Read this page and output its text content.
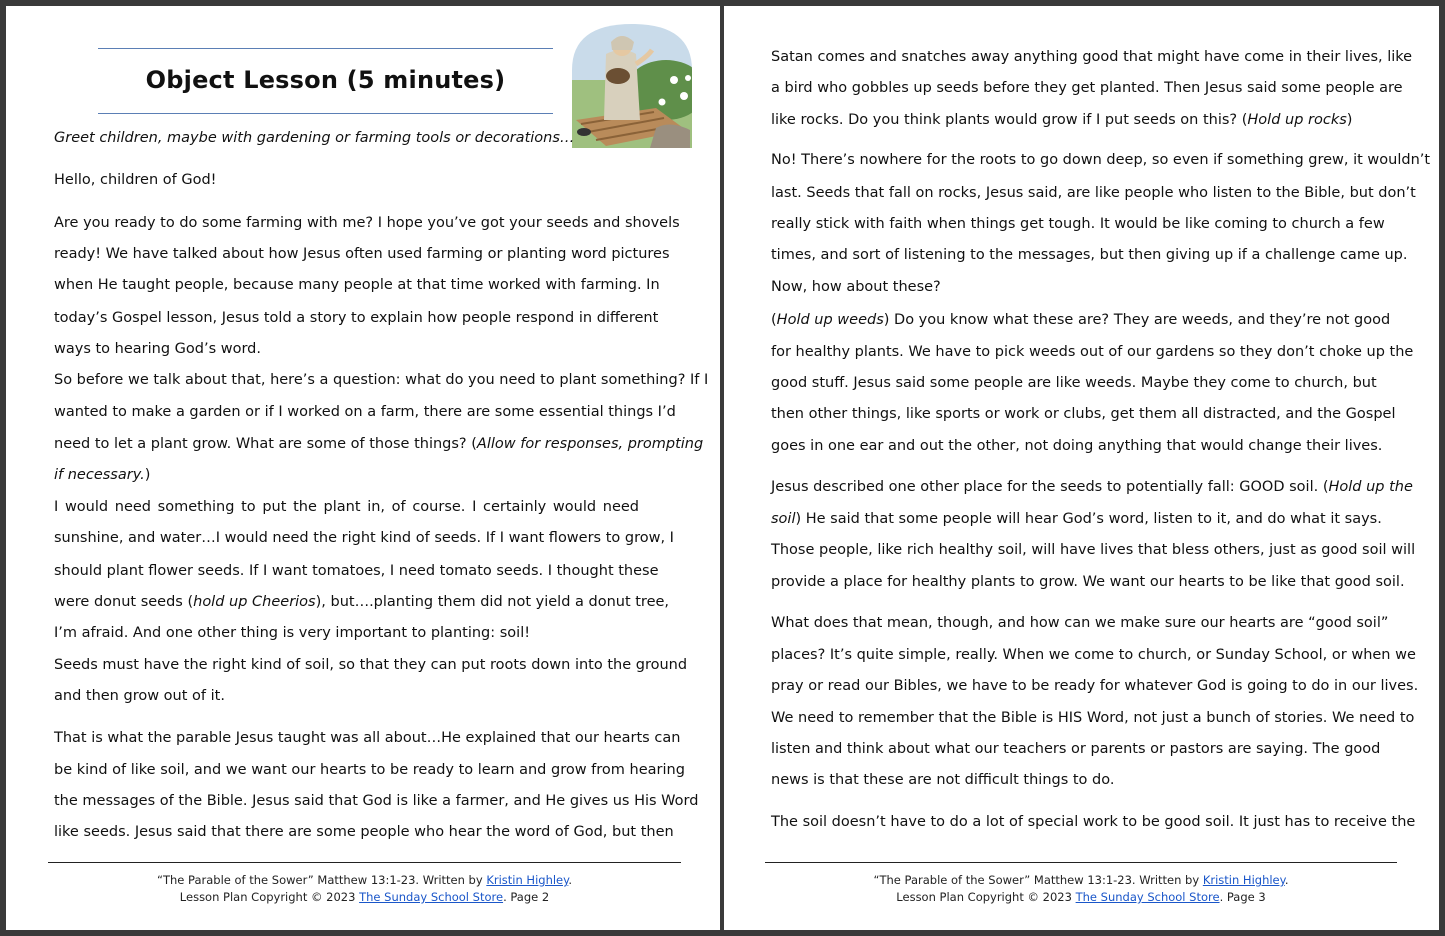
Object Lesson (5 minutes)
Greet children, maybe with gardening or farming tools or decorations…
Hello, children of God!
Are you ready to do some farming with me? I hope you’ve got your seeds and shovels
ready! We have talked about how Jesus often used farming or planting word pictures
when He taught people, because many people at that time worked with farming. In
today’s Gospel lesson, Jesus told a story to explain how people respond in different
ways to hearing God’s word.
So before we talk about that, here’s a question: what do you need to plant something? If I
wanted to make a garden or if I worked on a farm, there are some essential things I’d
need to let a plant grow. What are some of those things? (Allow for responses, prompting
if necessary.)
I would need something to put the plant in, of course. I certainly would need
sunshine, and water…I would need the right kind of seeds. If I want flowers to grow, I
should plant flower seeds. If I want tomatoes, I need tomato seeds. I thought these
were donut seeds (hold up Cheerios), but….planting them did not yield a donut tree,
I’m afraid. And one other thing is very important to planting: soil!
Seeds must have the right kind of soil, so that they can put roots down into the ground
and then grow out of it.
That is what the parable Jesus taught was all about…He explained that our hearts can
be kind of like soil, and we want our hearts to be ready to learn and grow from hearing
the messages of the Bible. Jesus said that God is like a farmer, and He gives us His Word
like seeds. Jesus said that there are some people who hear the word of God, but then
“The Parable of the Sower” Matthew 13:1-23. Written by Kristin Highley.
Lesson Plan Copyright © 2023 The Sunday School Store. Page 2
Satan comes and snatches away anything good that might have come in their lives, like
a bird who gobbles up seeds before they get planted. Then Jesus said some people are
like rocks. Do you think plants would grow if I put seeds on this? (Hold up rocks)
No! There’s nowhere for the roots to go down deep, so even if something grew, it wouldn’t
last. Seeds that fall on rocks, Jesus said, are like people who listen to the Bible, but don’t
really stick with faith when things get tough. It would be like coming to church a few
times, and sort of listening to the messages, but then giving up if a challenge came up.
Now, how about these?
(Hold up weeds) Do you know what these are? They are weeds, and they’re not good
for healthy plants. We have to pick weeds out of our gardens so they don’t choke up the
good stuff. Jesus said some people are like weeds. Maybe they come to church, but
then other things, like sports or work or clubs, get them all distracted, and the Gospel
goes in one ear and out the other, not doing anything that would change their lives.
Jesus described one other place for the seeds to potentially fall: GOOD soil. (Hold up the
soil) He said that some people will hear God’s word, listen to it, and do what it says.
Those people, like rich healthy soil, will have lives that bless others, just as good soil will
provide a place for healthy plants to grow. We want our hearts to be like that good soil.
What does that mean, though, and how can we make sure our hearts are “good soil”
places? It’s quite simple, really. When we come to church, or Sunday School, or when we
pray or read our Bibles, we have to be ready for whatever God is going to do in our lives.
We need to remember that the Bible is HIS Word, not just a bunch of stories. We need to
listen and think about what our teachers or parents or pastors are saying. The good
news is that these are not difficult things to do.
The soil doesn’t have to do a lot of special work to be good soil. It just has to receive the
“The Parable of the Sower” Matthew 13:1-23. Written by Kristin Highley.
Lesson Plan Copyright © 2023 The Sunday School Store. Page 3
